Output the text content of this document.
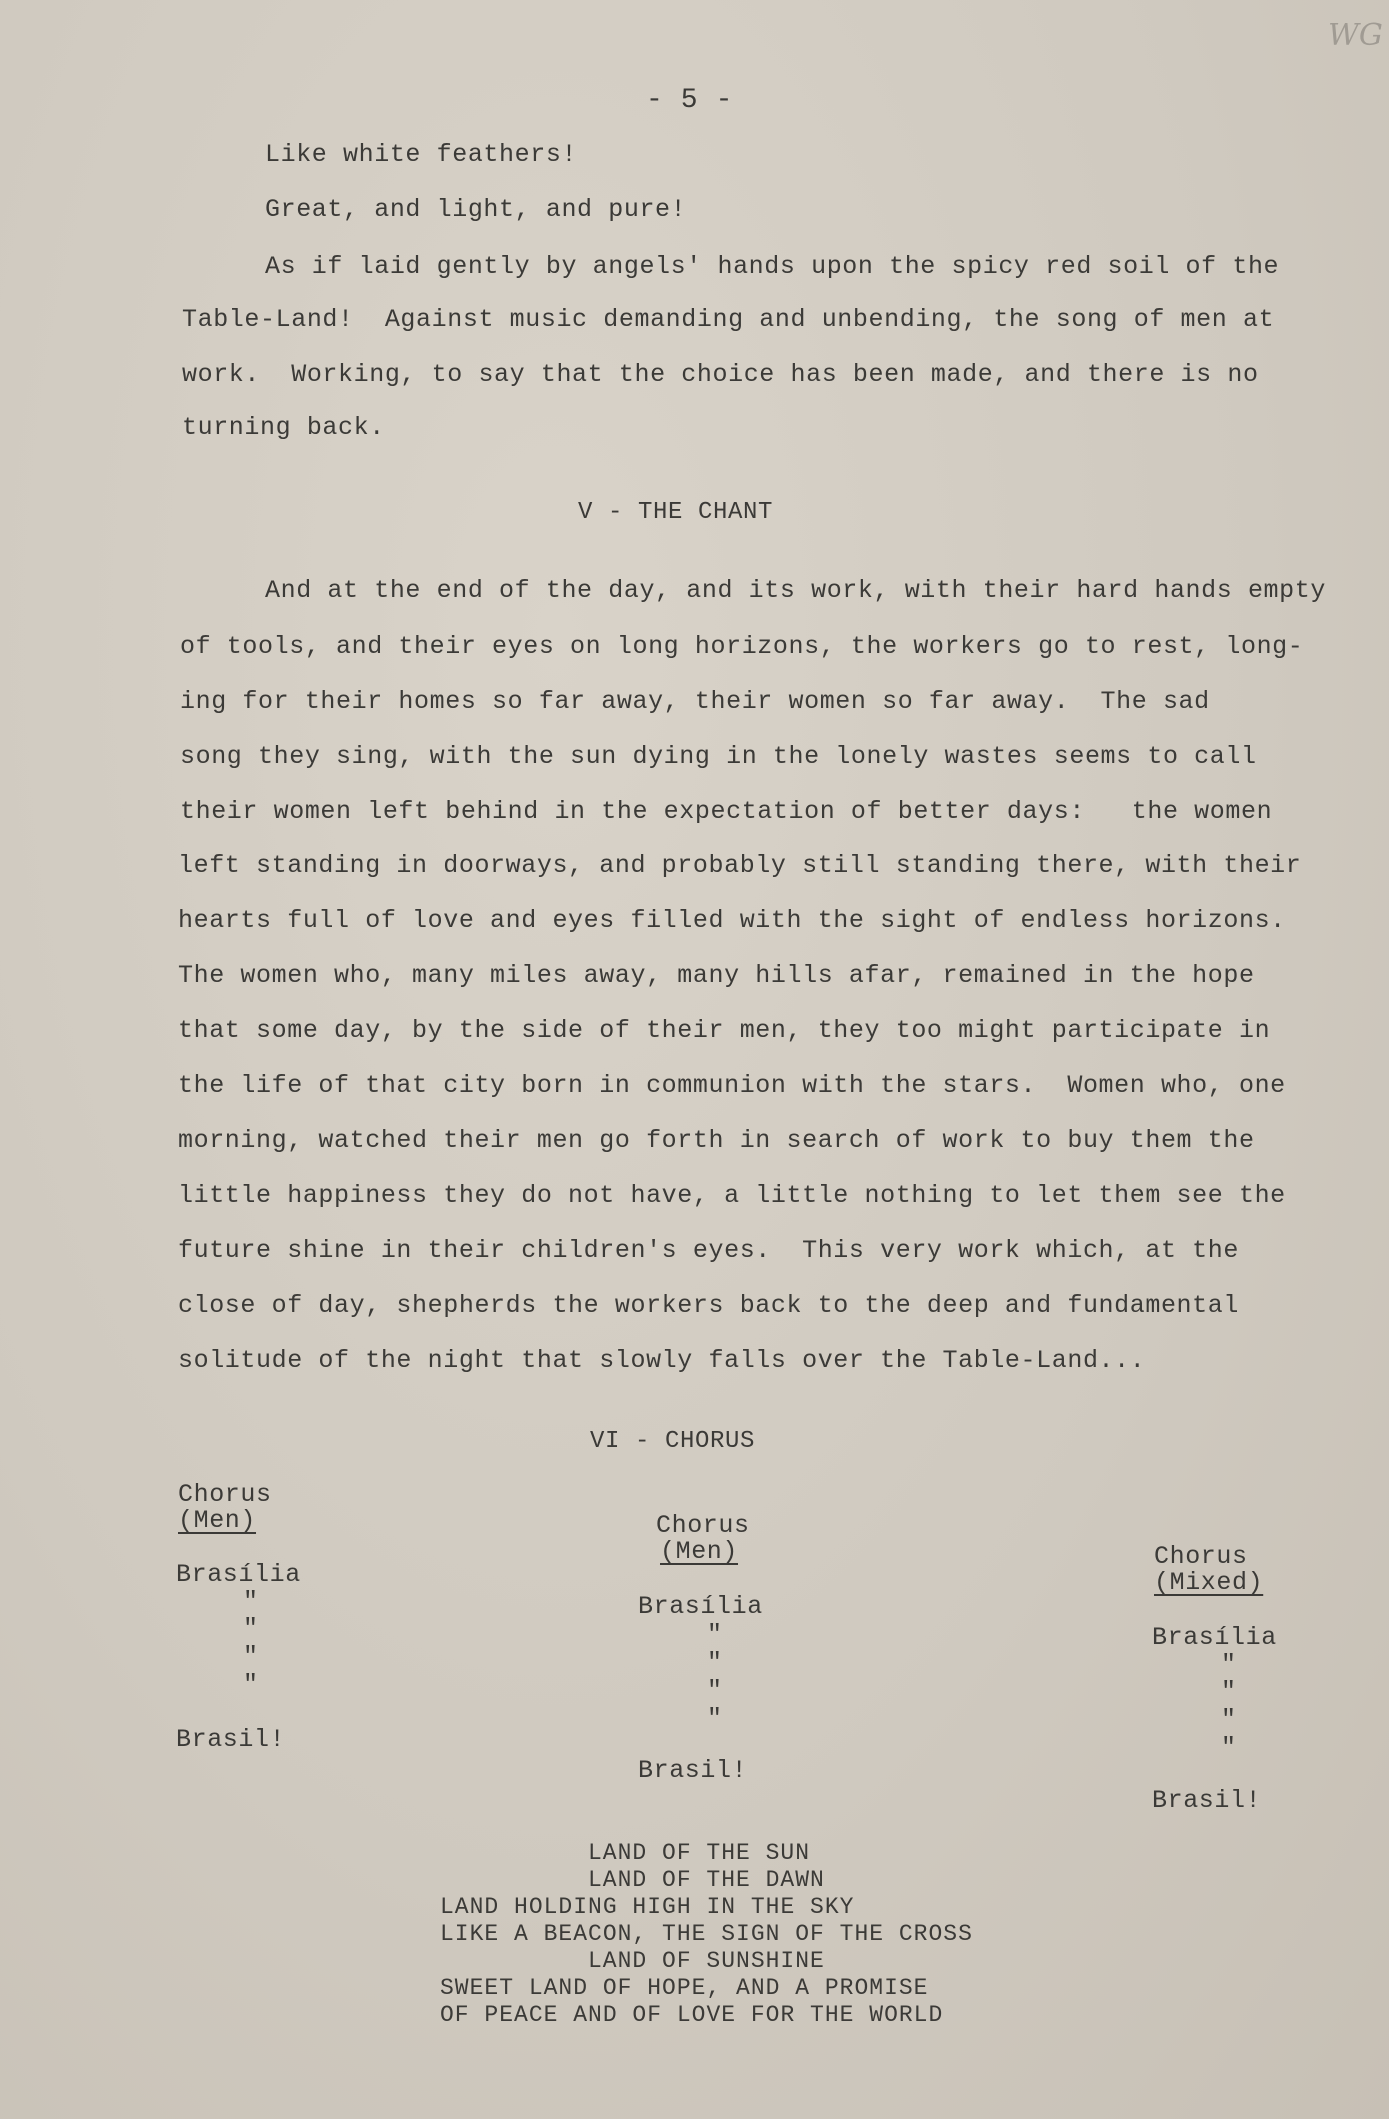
WG
- 5 -
Like white feathers!
Great, and light, and pure!
As if laid gently by angels' hands upon the spicy red soil of the
Table-Land!  Against music demanding and unbending, the song of men at
work.  Working, to say that the choice has been made, and there is no
turning back.
V - THE CHANT
And at the end of the day, and its work, with their hard hands empty
of tools, and their eyes on long horizons, the workers go to rest, long-
ing for their homes so far away, their women so far away.  The sad
song they sing, with the sun dying in the lonely wastes seems to call
their women left behind in the expectation of better days:   the women
left standing in doorways, and probably still standing there, with their
hearts full of love and eyes filled with the sight of endless horizons.
The women who, many miles away, many hills afar, remained in the hope
that some day, by the side of their men, they too might participate in
the life of that city born in communion with the stars.  Women who, one
morning, watched their men go forth in search of work to buy them the
little happiness they do not have, a little nothing to let them see the
future shine in their children's eyes.  This very work which, at the
close of day, shepherds the workers back to the deep and fundamental
solitude of the night that slowly falls over the Table-Land...
VI - CHORUS
Chorus
(Men)
Brasília
"
"
"
"
Brasil!
Chorus
(Men)
Brasília
"
"
"
"
Brasil!
Chorus
(Mixed)
Brasília
"
"
"
"
Brasil!
LAND OF THE SUN
LAND OF THE DAWN
LAND HOLDING HIGH IN THE SKY
LIKE A BEACON, THE SIGN OF THE CROSS
LAND OF SUNSHINE
SWEET LAND OF HOPE, AND A PROMISE
OF PEACE AND OF LOVE FOR THE WORLD
